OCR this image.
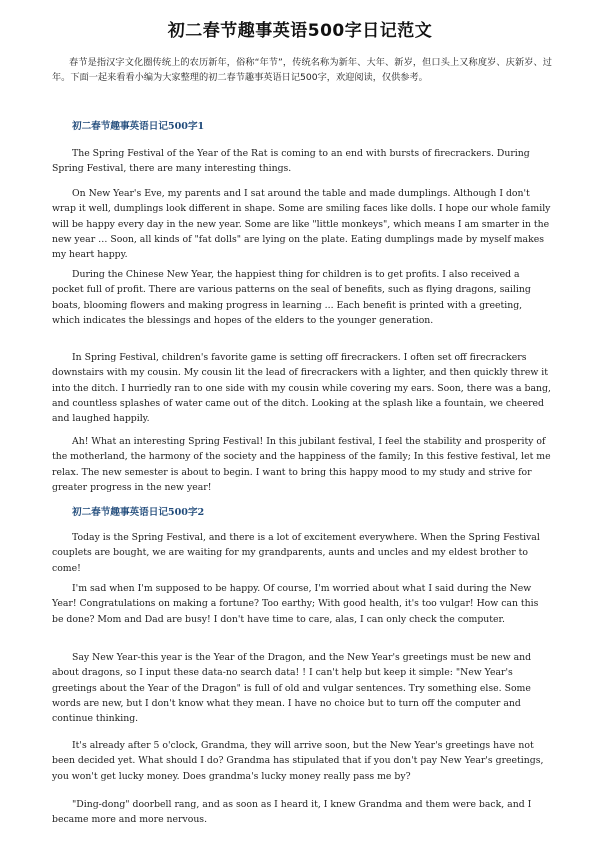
初二春节趣事英语500字日记范文
春节是指汉字文化圈传统上的农历新年，俗称“年节”，传统名称为新年、大年、新岁，但口头上又称度岁、庆新岁、过年。下面一起来看看小编为大家整理的初二春节趣事英语日记500字，欢迎阅读，仅供参考。
初二春节趣事英语日记500字1

The Spring Festival of the Year of the Rat is coming to an end with bursts of firecrackers. During Spring Festival, there are many interesting things.

On New Year's Eve, my parents and I sat around the table and made dumplings. Although I don't wrap it well, dumplings look different in shape. Some are smiling faces like dolls. I hope our whole family will be happy every day in the new year. Some are like "little monkeys", which means I am smarter in the new year … Soon, all kinds of "fat dolls" are lying on the plate. Eating dumplings made by myself makes my heart happy.

During the Chinese New Year, the happiest thing for children is to get profits. I also received a pocket full of profit. There are various patterns on the seal of benefits, such as flying dragons, sailing boats, blooming flowers and making progress in learning ... Each benefit is printed with a greeting, which indicates the blessings and hopes of the elders to the younger generation.

In Spring Festival, children's favorite game is setting off firecrackers. I often set off firecrackers downstairs with my cousin. My cousin lit the lead of firecrackers with a lighter, and then quickly threw it into the ditch. I hurriedly ran to one side with my cousin while covering my ears. Soon, there was a bang, and countless splashes of water came out of the ditch. Looking at the splash like a fountain, we cheered and laughed happily.

Ah! What an interesting Spring Festival! In this jubilant festival, I feel the stability and prosperity of the motherland, the harmony of the society and the happiness of the family; In this festive festival, let me relax. The new semester is about to begin. I want to bring this happy mood to my study and strive for greater progress in the new year!

初二春节趣事英语日记500字2

Today is the Spring Festival, and there is a lot of excitement everywhere. When the Spring Festival couplets are bought, we are waiting for my grandparents, aunts and uncles and my eldest brother to come!

I'm sad when I'm supposed to be happy. Of course, I'm worried about what I said during the New Year! Congratulations on making a fortune? Too earthy; With good health, it's too vulgar! How can this be done? Mom and Dad are busy! I don't have time to care, alas, I can only check the computer.

Say New Year-this year is the Year of the Dragon, and the New Year's greetings must be new and about dragons, so I input these data-no search data! ! I can't help but keep it simple: "New Year's greetings about the Year of the Dragon" is full of old and vulgar sentences. Try something else. Some words are new, but I don't know what they mean. I have no choice but to turn off the computer and continue thinking.

It's already after 5 o'clock, Grandma, they will arrive soon, but the New Year's greetings have not been decided yet. What should I do? Grandma has stipulated that if you don't pay New Year's greetings, you won't get lucky money. Does grandma's lucky money really pass me by?

"Ding-dong" doorbell rang, and as soon as I heard it, I knew Grandma and them were back, and I became more and more nervous.
